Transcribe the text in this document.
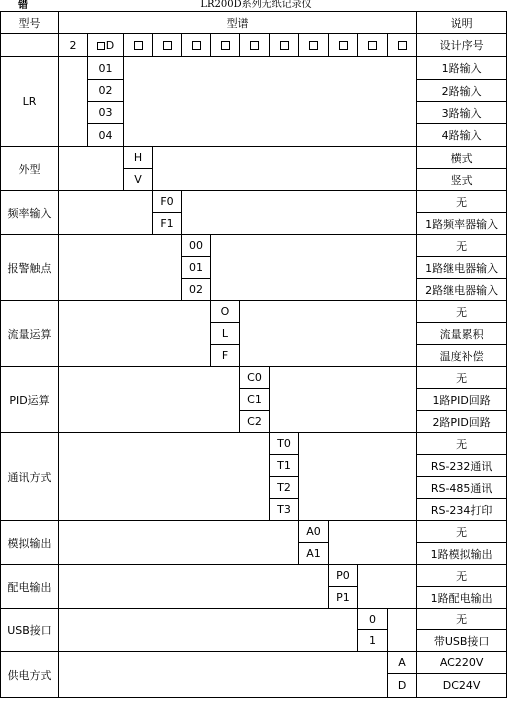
LR200D系列无纸记录仪
错
型号	型谱												说明
	2	D											设计序号
LR		01											1路输入
		02											2路输入
		03											3路输入
		04											4路输入
外型			H										横式
			V										竖式
频率输入				F0									无
				F1									1路频率器输入
报警触点					00								无
					01								1路继电器输入
					02								2路继电器输入
流量运算						O							无
						L							流量累积
						F							温度补偿
PID运算							C0						无
							C1						1路PID回路
							C2						2路PID回路
通讯方式								T0					无
								T1					RS-232通讯
								T2					RS-485通讯
								T3					RS-234打印
模拟输出									A0				无
									A1				1路模拟输出
配电输出										P0			无
										P1			1路配电输出
USB接口											0		无
											1		带USB接口
供电方式												A	AC220V
												D	DC24V
